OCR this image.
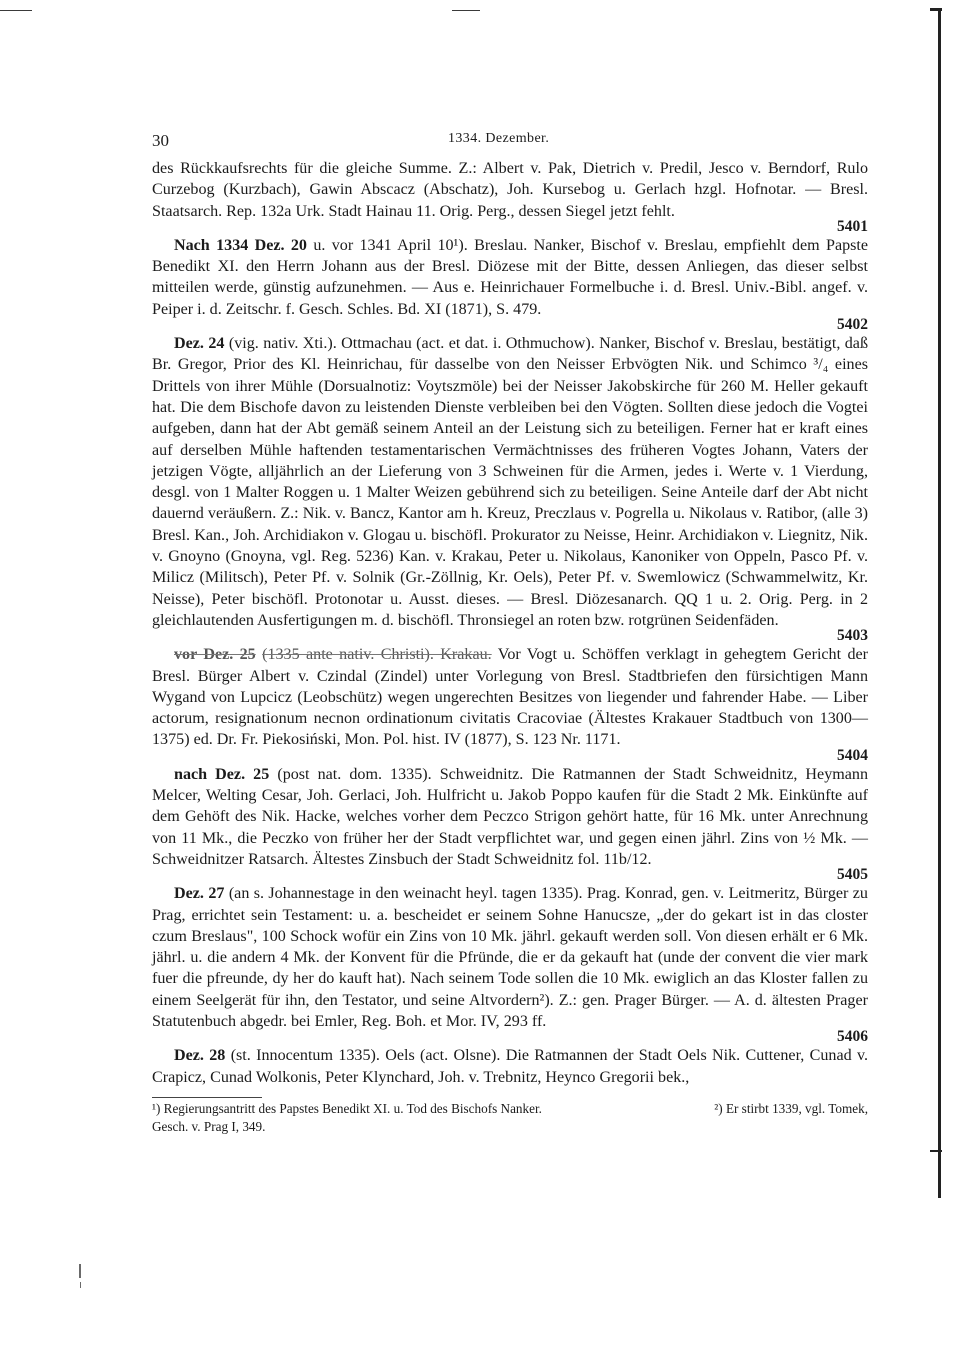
30	1334. Dezember.

des Rückkaufsrechts für die gleiche Summe. Z.: Albert v. Pak, Dietrich v. Predil, Jesco v. Berndorf, Rulo Curzebog (Kurzbach), Gawin Abscacz (Abschatz), Joh. Kursebog u. Gerlach hzgl. Hofnotar. — Bresl. Staatsarch. Rep. 132a Urk. Stadt Hainau 11. Orig. Perg., dessen Siegel jetzt fehlt.
5401

Nach 1334 Dez. 20 u. vor 1341 April 10¹). Breslau. Nanker, Bischof v. Breslau, empfiehlt dem Papste Benedikt XI. den Herrn Johann aus der Bresl. Diözese mit der Bitte, dessen Anliegen, das dieser selbst mitteilen werde, günstig aufzunehmen. — Aus e. Heinrichauer Formelbuche i. d. Bresl. Univ.-Bibl. angef. v. Peiper i. d. Zeitschr. f. Gesch. Schles. Bd. XI (1871), S. 479.
5402

Dez. 24 (vig. nativ. Xti.). Ottmachau (act. et dat. i. Othmuchow). Nanker, Bischof v. Breslau, bestätigt, daß Br. Gregor, Prior des Kl. Heinrichau, für dasselbe von den Neisser Erbvögten Nik. und Schimco ³/₄ eines Drittels von ihrer Mühle (Dorsualnotiz: Voytszmöle) bei der Neisser Jakobskirche für 260 M. Heller gekauft hat. Die dem Bischofe davon zu leistenden Dienste verbleiben bei den Vögten. Sollten diese jedoch die Vogtei aufgeben, dann hat der Abt gemäß seinem Anteil an der Leistung sich zu beteiligen. Ferner hat er kraft eines auf derselben Mühle haftenden testamentarischen Vermächtnisses des früheren Vogtes Johann, Vaters der jetzigen Vögte, alljährlich an der Lieferung von 3 Schweinen für die Armen, jedes i. Werte v. 1 Vierdung, desgl. von 1 Malter Roggen u. 1 Malter Weizen gebührend sich zu beteiligen. Seine Anteile darf der Abt nicht dauernd veräußern. Z.: Nik. v. Bancz, Kantor am h. Kreuz, Preczlaus v. Pogrella u. Nikolaus v. Ratibor, (alle 3) Bresl. Kan., Joh. Archidiakon v. Glogau u. bischöfl. Prokurator zu Neisse, Heinr. Archidiakon v. Liegnitz, Nik. v. Gnoyno (Gnoyna, vgl. Reg. 5236) Kan. v. Krakau, Peter u. Nikolaus, Kanoniker von Oppeln, Pasco Pf. v. Milicz (Militsch), Peter Pf. v. Solnik (Gr.-Zöllnig, Kr. Oels), Peter Pf. v. Swemlowicz (Schwammelwitz, Kr. Neisse), Peter bischöfl. Protonotar u. Ausst. dieses. — Bresl. Diözesanarch. QQ 1 u. 2. Orig. Perg. in 2 gleichlautenden Ausfertigungen m. d. bischöfl. Thronsiegel an roten bzw. rotgrünen Seidenfäden.
5403

vor Dez. 25 (1335 ante nativ. Christi). Krakau. Vor Vogt u. Schöffen verklagt in gehegtem Gericht der Bresl. Bürger Albert v. Czindal (Zindel) unter Vorlegung von Bresl. Stadtbriefen den fürsichtigen Mann Wygand von Lupcicz (Leobschütz) wegen ungerechten Besitzes von liegender und fahrender Habe. — Liber actorum, resignationum necnon ordinationum civitatis Cracoviae (Ältestes Krakauer Stadtbuch von 1300—1375) ed. Dr. Fr. Piekosiński, Mon. Pol. hist. IV (1877), S. 123 Nr. 1171.
5404

nach Dez. 25 (post nat. dom. 1335). Schweidnitz. Die Ratmannen der Stadt Schweidnitz, Heymann Melcer, Welting Cesar, Joh. Gerlaci, Joh. Hulfricht u. Jakob Poppo kaufen für die Stadt 2 Mk. Einkünfte auf dem Gehöft des Nik. Hacke, welches vorher dem Peczco Strigon gehört hatte, für 16 Mk. unter Anrechnung von 11 Mk., die Peczko von früher her der Stadt verpflichtet war, und gegen einen jährl. Zins von ½ Mk. — Schweidnitzer Ratsarch. Ältestes Zinsbuch der Stadt Schweidnitz fol. 11b/12.
5405

Dez. 27 (an s. Johannestage in den weinacht heyl. tagen 1335). Prag. Konrad, gen. v. Leitmeritz, Bürger zu Prag, errichtet sein Testament: u. a. bescheidet er seinem Sohne Hanucsze, „der do gekart ist in das closter czum Breslaus", 100 Schock wofür ein Zins von 10 Mk. jährl. gekauft werden soll. Von diesen erhält er 6 Mk. jährl. u. die andern 4 Mk. der Konvent für die Pfründe, die er da gekauft hat (unde der convent die vier mark fuer die pfreunde, dy her do kauft hat). Nach seinem Tode sollen die 10 Mk. ewiglich an das Kloster fallen zu einem Seelgerät für ihn, den Testator, und seine Altvordern²). Z.: gen. Prager Bürger. — A. d. ältesten Prager Statutenbuch abgedr. bei Emler, Reg. Boh. et Mor. IV, 293 ff.
5406

Dez. 28 (st. Innocentum 1335). Oels (act. Olsne). Die Ratmannen der Stadt Oels Nik. Cuttener, Cunad v. Crapicz, Cunad Wolkonis, Peter Klynchard, Joh. v. Trebnitz, Heynco Gregorii bek.,

¹) Regierungsantritt des Papstes Benedikt XI. u. Tod des Bischofs Nanker.	²) Er stirbt 1339, vgl. Tomek,
Gesch. v. Prag I, 349.
